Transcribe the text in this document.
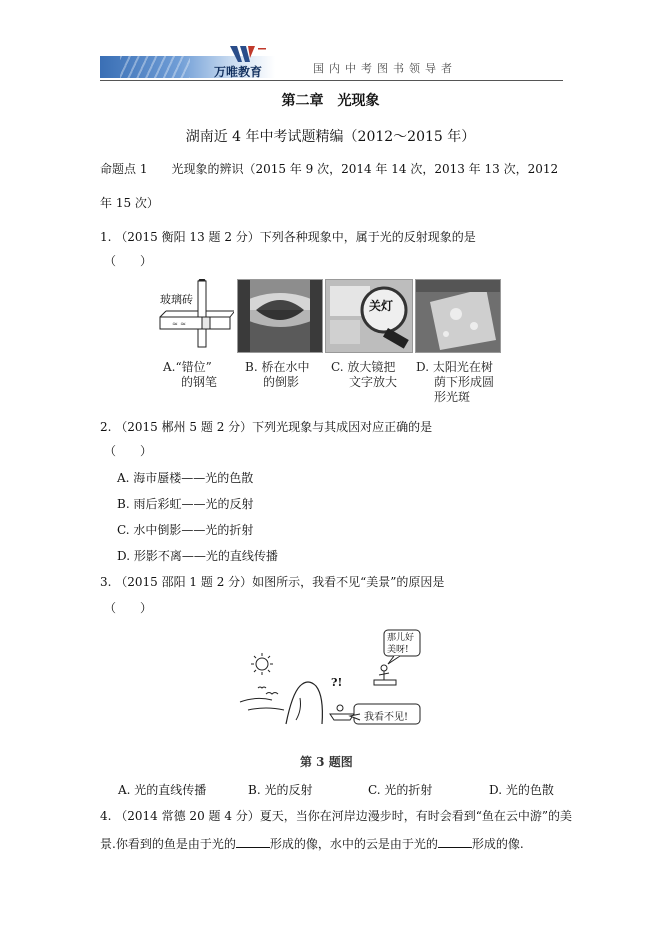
万唯教育	国内中考图书领导者
第二章　光现象
湖南近 4 年中考试题精编（2012～2015 年）
命题点 1　　光现象的辨识（2015 年 9 次，2014 年 14 次，2013 年 13 次，2012
年 15 次）
1. （2015 衡阳 13 题 2 分）下列各种现象中，属于光的反射现象的是
（　　）
≈ ≈
玻璃砖	关灯
A.“错位”
的钢笔
B. 桥在水中
的倒影
C. 放大镜把
文字放大
D. 太阳光在树
荫下形成圆
形光斑
2. （2015 郴州 5 题 2 分）下列光现象与其成因对应正确的是
（　　）
A. 海市蜃楼——光的色散
B. 雨后彩虹——光的反射
C. 水中倒影——光的折射
D. 形影不离——光的直线传播
3. （2015 邵阳 1 题 2 分）如图所示，我看不见“美景”的原因是
（　　）
那儿好美呀!
我看不见!
?!
第 3 题图
A. 光的直线传播	B. 光的反射	C. 光的折射	D. 光的色散
4. （2014 常德 20 题 4 分）夏天，当你在河岸边漫步时，有时会看到“鱼在云中游”的美
景.你看到的鱼是由于光的	形成的像，水中的云是由于光的	形成的像.
